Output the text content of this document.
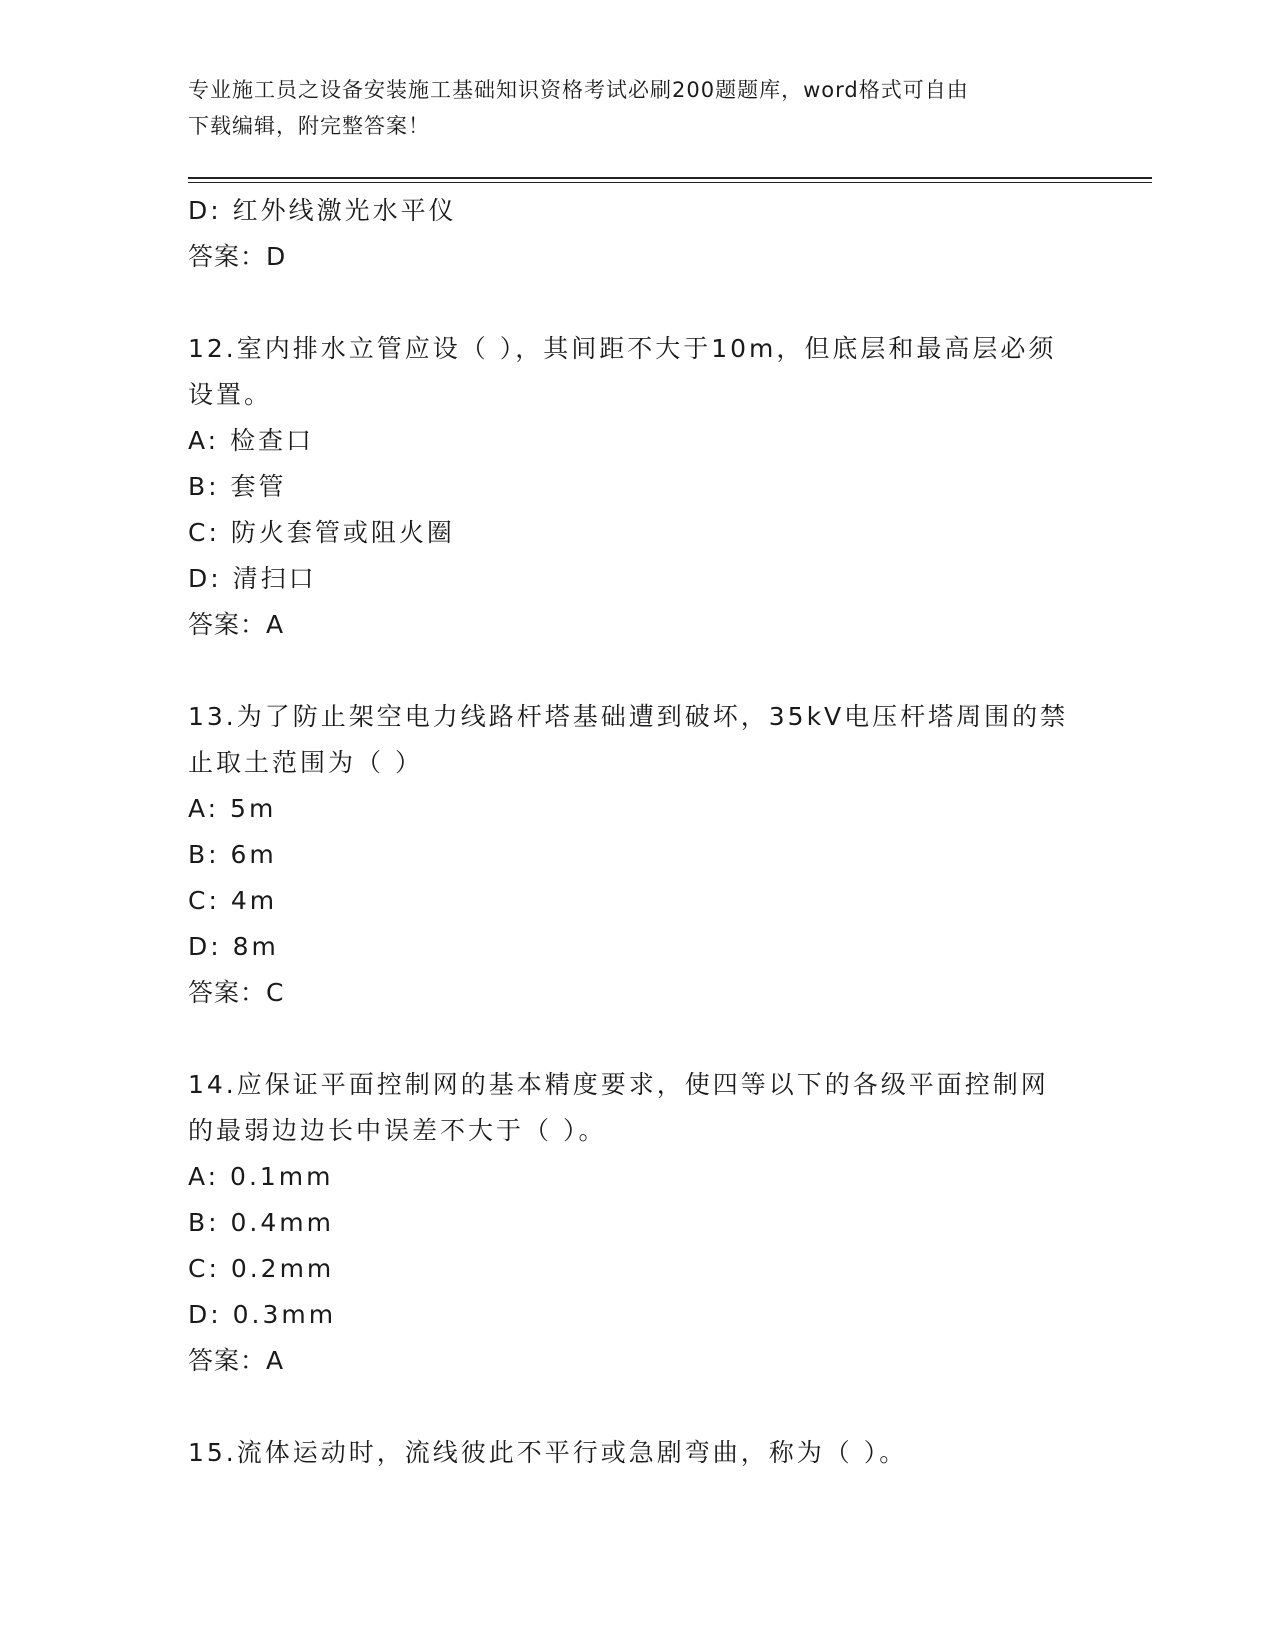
专业施工员之设备安装施工基础知识资格考试必刷200题题库，word格式可自由
下载编辑，附完整答案！
D: 红外线激光水平仪
答案：D
12.室内排水立管应设（ ），其间距不大于10m，但底层和最高层必须
设置。
A: 检查口
B: 套管
C: 防火套管或阻火圈
D: 清扫口
答案：A
13.为了防止架空电力线路杆塔基础遭到破坏，35kV电压杆塔周围的禁
止取土范围为（ ）
A: 5m
B: 6m
C: 4m
D: 8m
答案：C
14.应保证平面控制网的基本精度要求，使四等以下的各级平面控制网
的最弱边边长中误差不大于（ ）。
A: 0.1mm
B: 0.4mm
C: 0.2mm
D: 0.3mm
答案：A
15.流体运动时，流线彼此不平行或急剧弯曲，称为（ ）。
